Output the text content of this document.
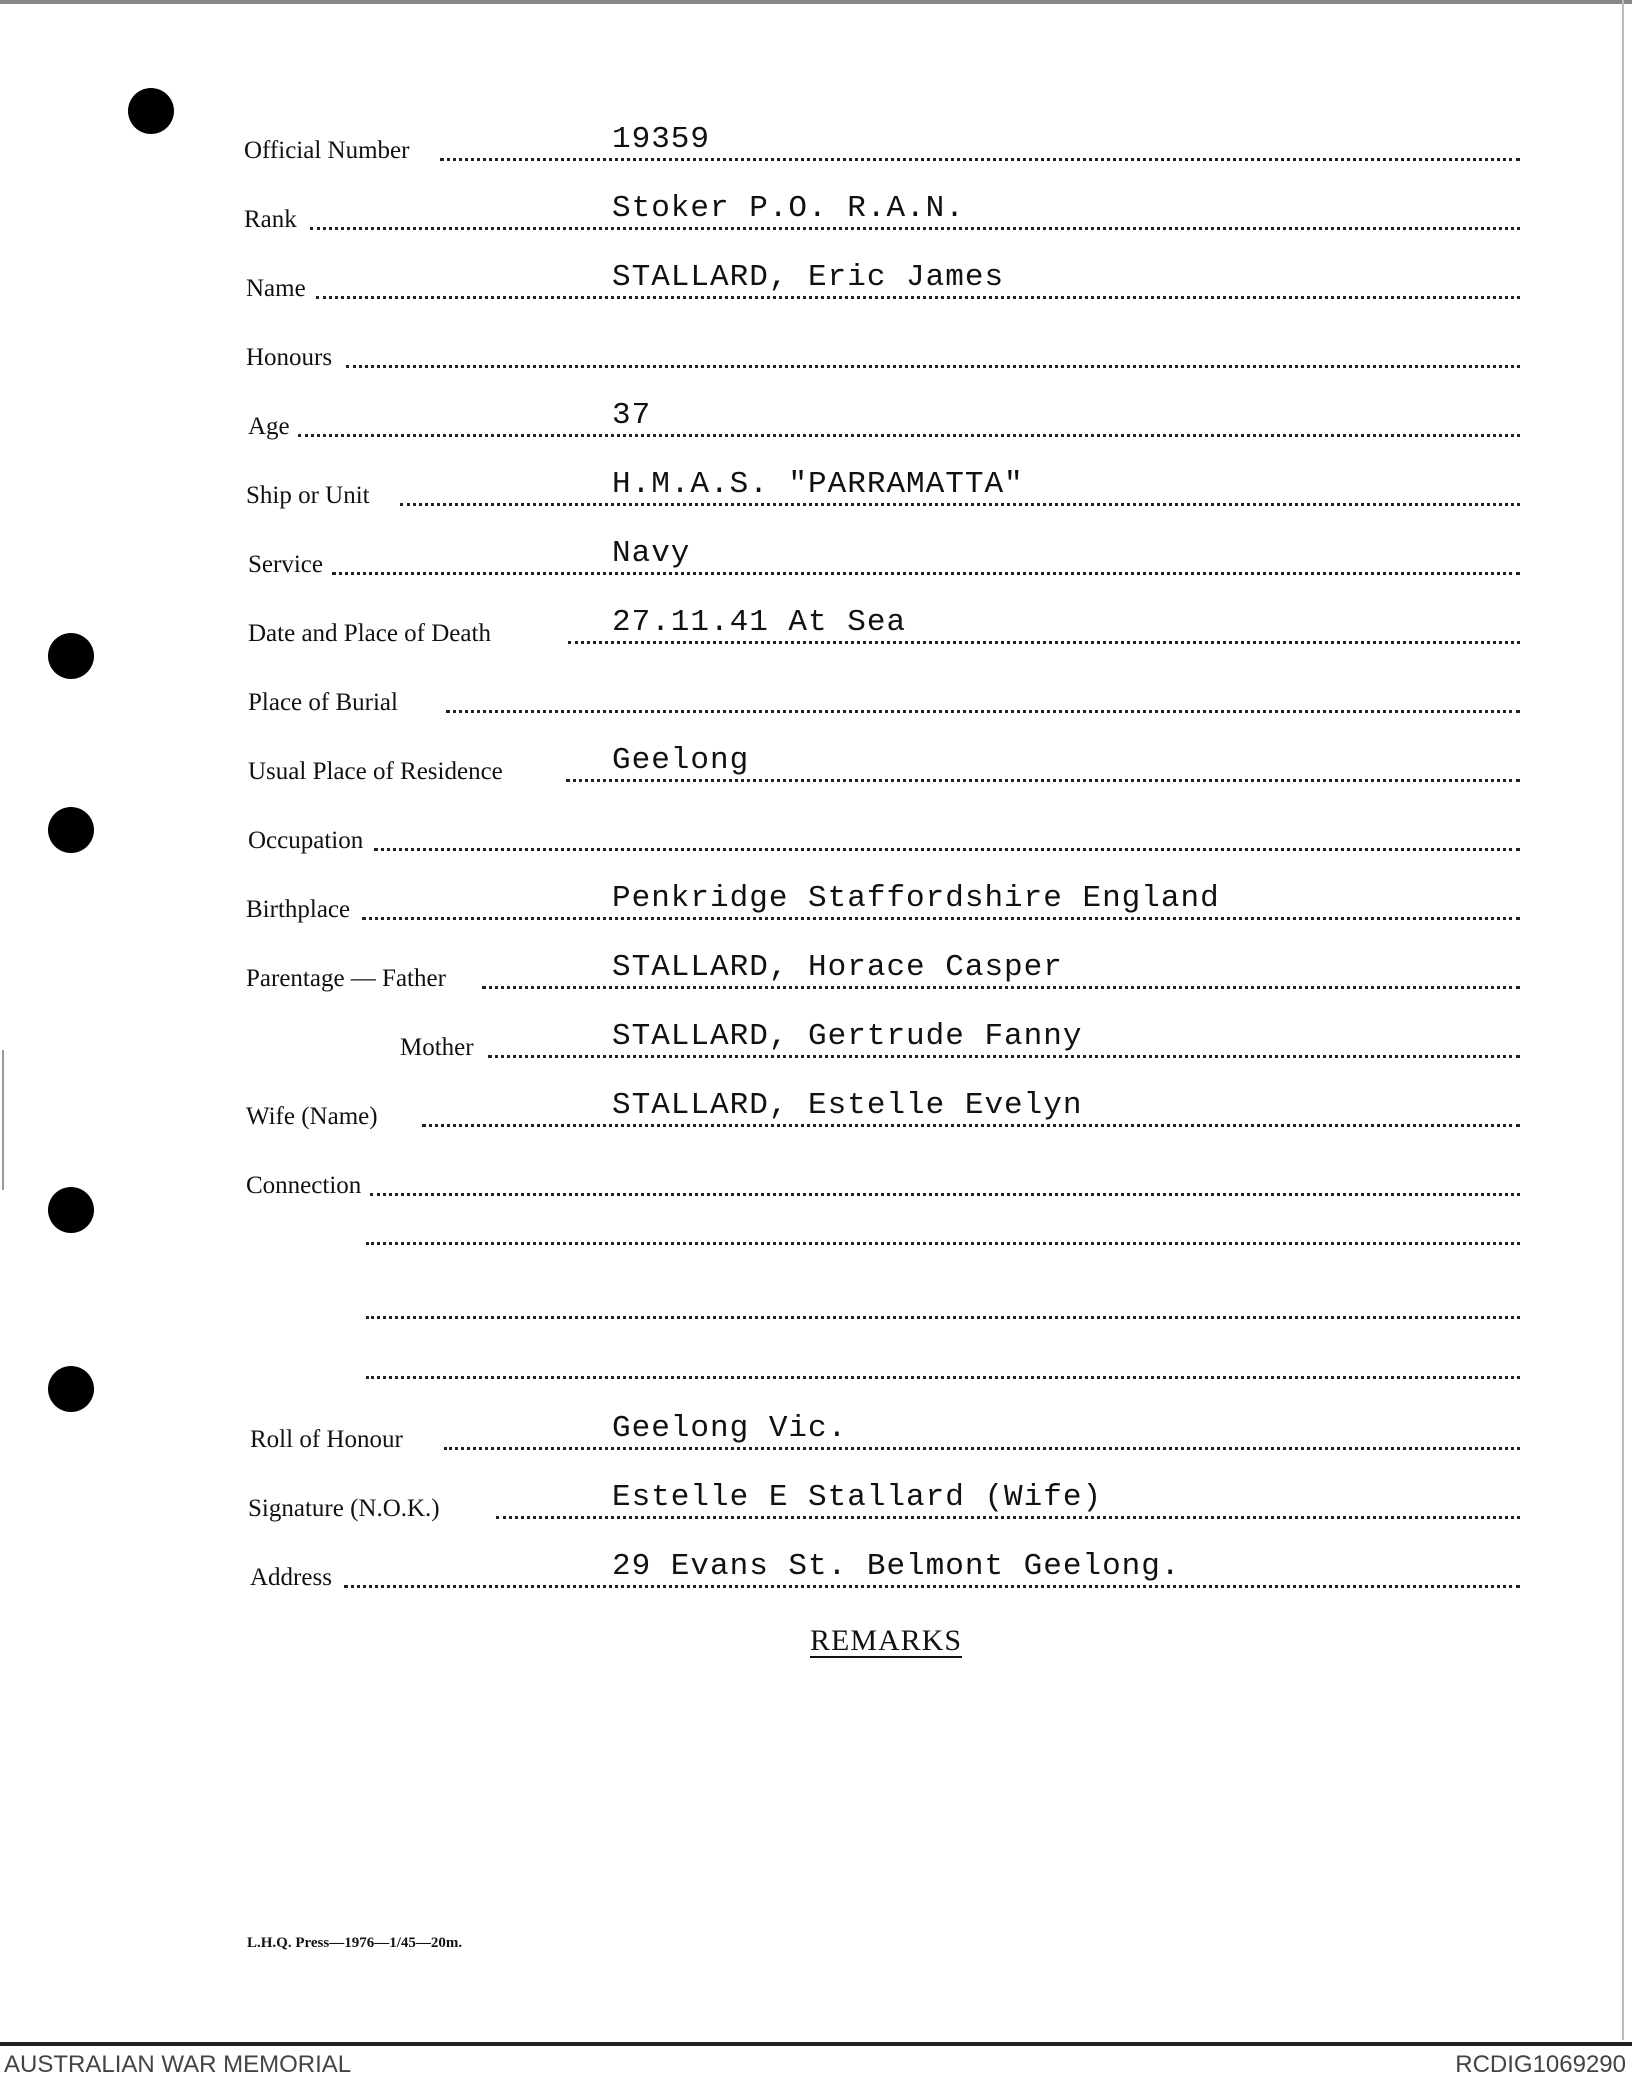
Official Number	19359
Rank	Stoker P.O. R.A.N.
Name	STALLARD, Eric James
Honours
Age	37
Ship or Unit	H.M.A.S. "PARRAMATTA"
Service	Navy
Date and Place of Death	27.11.41 At Sea
Place of Burial
Usual Place of Residence	Geelong
Occupation
Birthplace	Penkridge Staffordshire England
Parentage — Father	STALLARD, Horace Casper
Mother	STALLARD, Gertrude Fanny
Wife (Name)	STALLARD, Estelle Evelyn
Connection
Roll of Honour	Geelong Vic.
Signature (N.O.K.)	Estelle E Stallard (Wife)
Address	29 Evans St. Belmont Geelong.
REMARKS
L.H.Q. Press—1976—1/45—20m.
AUSTRALIAN WAR MEMORIAL	RCDIG1069290
